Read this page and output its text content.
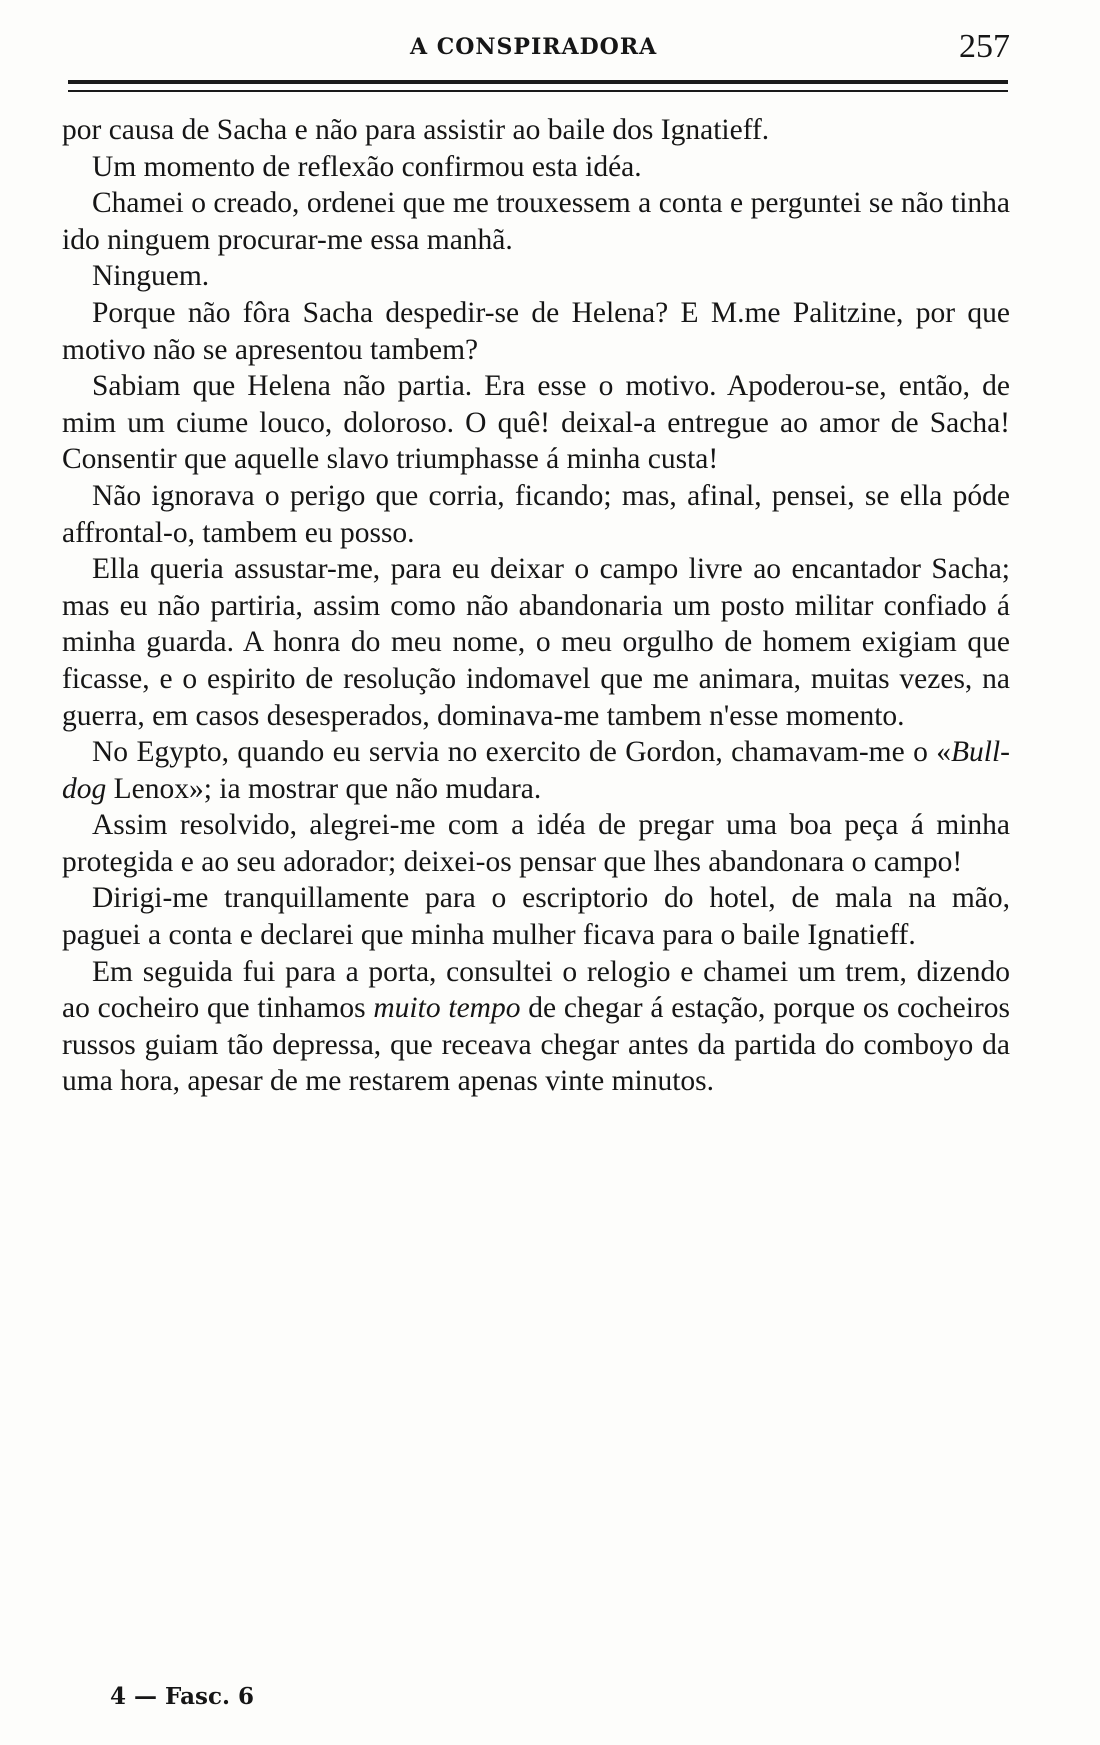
A CONSPIRADORA	257

por causa de Sacha e não para assistir ao baile dos Ignatieff.

Um momento de reflexão confirmou esta idéa.

Chamei o creado, ordenei que me trouxessem a conta e perguntei se não tinha ido ninguem procurar-me essa manhã.

Ninguem.

Porque não fôra Sacha despedir-se de Helena? E M.me Palitzine, por que motivo não se apresentou tambem?

Sabiam que Helena não partia. Era esse o motivo. Apoderou-se, então, de mim um ciume louco, doloroso. O quê! deixal-a entregue ao amor de Sacha! Consentir que aquelle slavo triumphasse á minha custa!

Não ignorava o perigo que corria, ficando; mas, afinal, pensei, se ella póde affrontal-o, tambem eu posso.

Ella queria assustar-me, para eu deixar o campo livre ao encantador Sacha; mas eu não partiria, assim como não abandonaria um posto militar confiado á minha guarda. A honra do meu nome, o meu orgulho de homem exigiam que ficasse, e o espirito de resolução indomavel que me animara, muitas vezes, na guerra, em casos desesperados, dominava-me tambem n'esse momento.

No Egypto, quando eu servia no exercito de Gordon, chamavam-me o «Bull-dog Lenox»; ia mostrar que não mudara.

Assim resolvido, alegrei-me com a idéa de pregar uma boa peça á minha protegida e ao seu adorador; deixei-os pensar que lhes abandonara o campo!

Dirigi-me tranquillamente para o escriptorio do hotel, de mala na mão, paguei a conta e declarei que minha mulher ficava para o baile Ignatieff.

Em seguida fui para a porta, consultei o relogio e chamei um trem, dizendo ao cocheiro que tinhamos muito tempo de chegar á estação, porque os cocheiros russos guiam tão depressa, que receava chegar antes da partida do comboyo da uma hora, apesar de me restarem apenas vinte minutos.

4 — Fasc. 6
